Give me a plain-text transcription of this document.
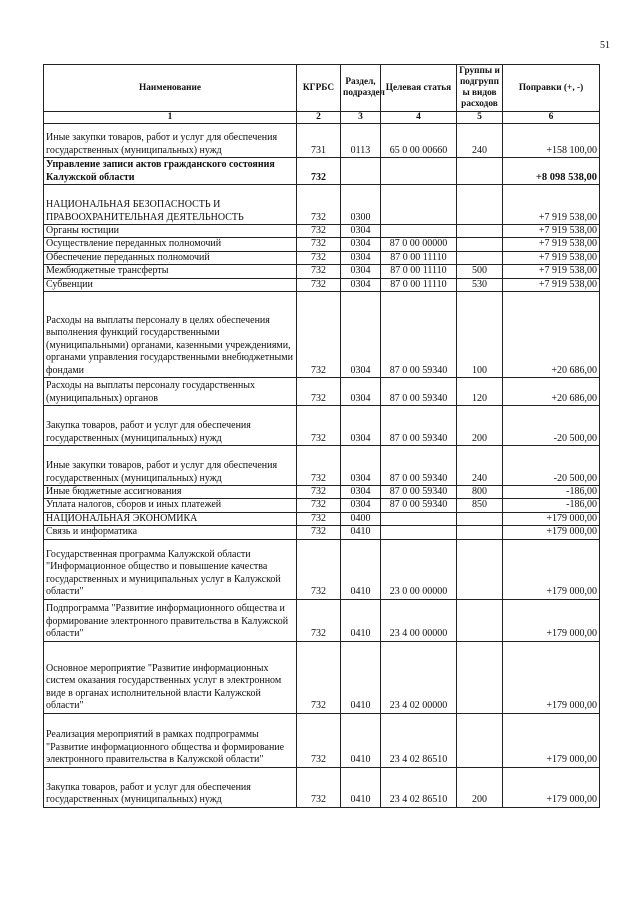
51
Наименование	КГРБС	Раздел, подраздел	Целевая статья	Группы и подгрупп ы видов расходов	Поправки (+, -)
1	2	3	4	5	6
Иные закупки товаров, работ и услуг для обеспечения государственных (муниципальных) нужд	731	0113	65 0 00 00660	240	+158 100,00
Управление записи актов гражданского состояния Калужской области	732				+8 098 538,00
НАЦИОНАЛЬНАЯ БЕЗОПАСНОСТЬ И ПРАВООХРАНИТЕЛЬНАЯ ДЕЯТЕЛЬНОСТЬ	732	0300			+7 919 538,00
Органы юстиции	732	0304			+7 919 538,00
Осуществление переданных полномочий	732	0304	87 0 00 00000		+7 919 538,00
Обеспечение переданных полномочий	732	0304	87 0 00 11110		+7 919 538,00
Межбюджетные трансферты	732	0304	87 0 00 11110	500	+7 919 538,00
Субвенции	732	0304	87 0 00 11110	530	+7 919 538,00
Расходы на выплаты персоналу в целях обеспечения выполнения функций государственными (муниципальными) органами, казенными учреждениями, органами управления государственными внебюджетными фондами	732	0304	87 0 00 59340	100	+20 686,00
Расходы на выплаты персоналу государственных (муниципальных) органов	732	0304	87 0 00 59340	120	+20 686,00
Закупка товаров, работ и услуг для обеспечения государственных (муниципальных) нужд	732	0304	87 0 00 59340	200	-20 500,00
Иные закупки товаров, работ и услуг для обеспечения государственных (муниципальных) нужд	732	0304	87 0 00 59340	240	-20 500,00
Иные бюджетные ассигнования	732	0304	87 0 00 59340	800	-186,00
Уплата налогов, сборов и иных платежей	732	0304	87 0 00 59340	850	-186,00
НАЦИОНАЛЬНАЯ ЭКОНОМИКА	732	0400			+179 000,00
Связь и информатика	732	0410			+179 000,00
Государственная программа Калужской области "Информационное общество и повышение качества государственных и муниципальных услуг в Калужской области"	732	0410	23 0 00 00000		+179 000,00
Подпрограмма "Развитие информационного общества и формирование электронного правительства в Калужской области"	732	0410	23 4 00 00000		+179 000,00
Основное мероприятие "Развитие информационных систем оказания государственных услуг в электронном виде в органах исполнительной власти Калужской области"	732	0410	23 4 02 00000		+179 000,00
Реализация мероприятий в рамках подпрограммы "Развитие информационного общества и формирование электронного правительства в Калужской области"	732	0410	23 4 02 86510		+179 000,00
Закупка товаров, работ и услуг для обеспечения государственных (муниципальных) нужд	732	0410	23 4 02 86510	200	+179 000,00
